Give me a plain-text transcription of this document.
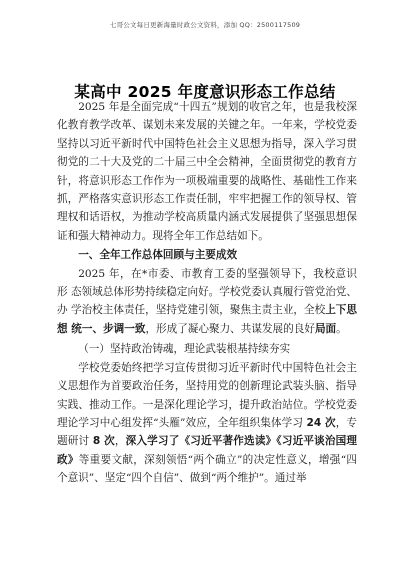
七哥公文每日更新海量时政公文资料，添加 QQ：2500117509
某高中 2025 年度意识形态工作总结

2025 年是全面完成“十四五”规划的收官之年，也是我校深化教育教学改革、谋划未来发展的关键之年。一年来，学校党委坚持以习近平新时代中国特色社会主义思想为指导，深入学习贯彻党的二十大及党的二十届三中全会精神，全面贯彻党的教育方针，将意识形态工作作为一项极端重要的战略性、基础性工作来抓，严格落实意识形态工作责任制，牢牢把握工作的领导权、管理权和话语权，为推动学校高质量内涵式发展提供了坚强思想保证和强大精神动力。现将全年工作总结如下。

一、全年工作总体回顾与主要成效

2025 年，在*市委、市教育工委的坚强领导下，我校意识形 态领域总体形势持续稳定向好。学校党委认真履行管党治党、办 学治校主体责任，坚持党建引领，聚焦主责主业，全校上下思想 统一、步调一致，形成了凝心聚力、共谋发展的良好局面。

（一）坚持政治铸魂，理论武装根基持续夯实

学校党委始终把学习宣传贯彻习近平新时代中国特色社会主义思想作为首要政治任务，坚持用党的创新理论武装头脑、指导实践、推动工作。一是深化理论学习，提升政治站位。学校党委理论学习中心组发挥“头雁”效应，全年组织集体学习 24 次，专题研讨 8 次，深入学习了《习近平著作选读》《习近平谈治国理政》等重要文献，深刻领悟“两个确立”的决定性意义，增强“四个意识”、坚定“四个自信”、做到“两个维护”。通过举
